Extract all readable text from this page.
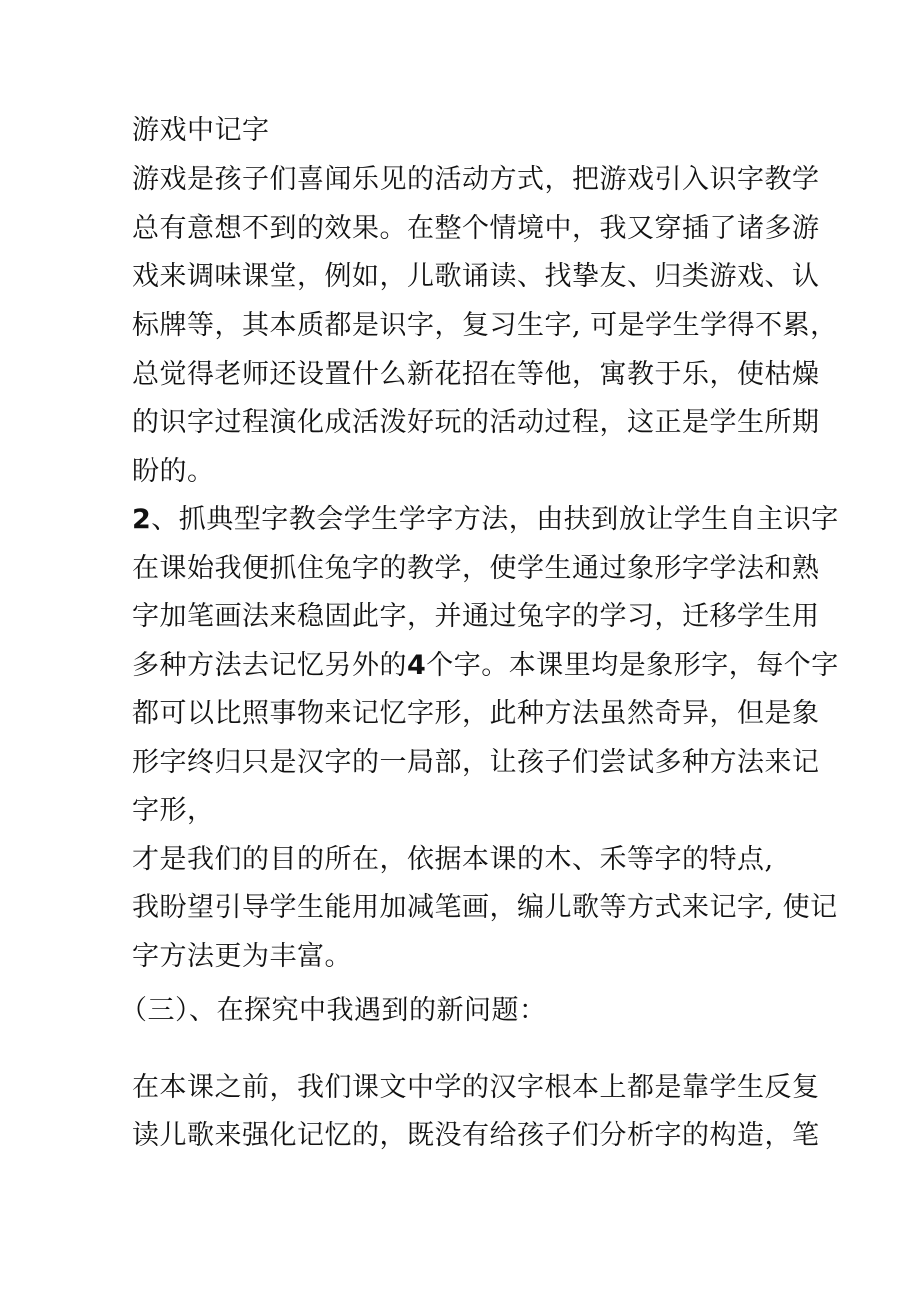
游戏中记字
游戏是孩子们喜闻乐见的活动方式，把游戏引入识字教学
总有意想不到的效果。在整个情境中，我又穿插了诸多游
戏来调味课堂，例如，儿歌诵读、找挚友、归类游戏、认
标牌等，其本质都是识字，复习生字, 可是学生学得不累，
总觉得老师还设置什么新花招在等他，寓教于乐，使枯燥
的识字过程演化成活泼好玩的活动过程，这正是学生所期
盼的。
2、抓典型字教会学生学字方法，由扶到放让学生自主识字
在课始我便抓住兔字的教学，使学生通过象形字学法和熟
字加笔画法来稳固此字，并通过兔字的学习，迁移学生用
多种方法去记忆另外的4个字。本课里均是象形字，每个字
都可以比照事物来记忆字形，此种方法虽然奇异，但是象
形字终归只是汉字的一局部，让孩子们尝试多种方法来记
字形，
才是我们的目的所在，依据本课的木、禾等字的特点,
我盼望引导学生能用加减笔画，编儿歌等方式来记字, 使记
字方法更为丰富。
（三）、在探究中我遇到的新问题：
在本课之前，我们课文中学的汉字根本上都是靠学生反复
读儿歌来强化记忆的，既没有给孩子们分析字的构造，笔
